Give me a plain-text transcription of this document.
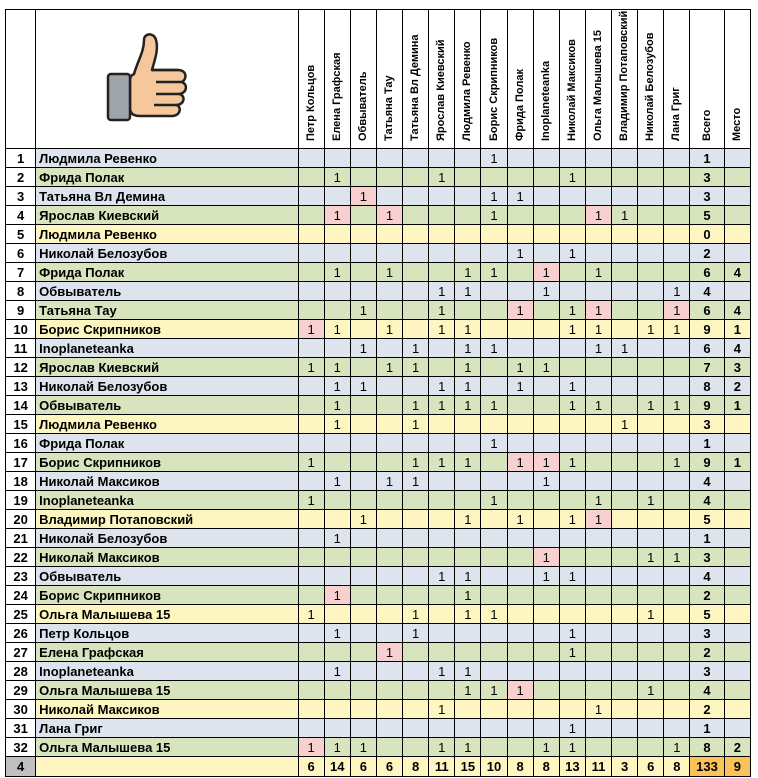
	Петр Кольцов	Елена Графская	Обвыватель	Татьяна Тау	Татьяна Вл Демина	Ярослав Киевский	Людмила Ревенко	Борис Скрипников	Фрида Полак	Inoplaneteanka	Николай Максиков	Ольга Малышева 15	Владимир Потаповский	Николай Белозубов	Лана Григ	Всего	Место
1	Людмила Ревенко								1								1	
2	Фрида Полак		1				1					1					3	
3	Татьяна Вл Демина			1					1	1							3	
4	Ярослав Киевский		1		1				1				1	1			5	
5	Людмила Ревенко																0	
6	Николай Белозубов									1		1					2	
7	Фрида Полак		1		1			1	1		1		1				6	4
8	Обвыватель						1	1			1					1	4	
9	Татьяна Тау			1			1			1		1	1			1	6	4
10	Борис Скрипников	1	1		1		1	1				1	1		1	1	9	1
11	Inoplaneteanka			1		1		1	1				1	1			6	4
12	Ярослав Киевский	1	1		1	1		1		1	1						7	3
13	Николай Белозубов		1	1			1	1		1		1					8	2
14	Обвыватель		1			1	1	1	1			1	1		1	1	9	1
15	Людмила Ревенко		1			1								1			3	
16	Фрида Полак								1								1	
17	Борис Скрипников	1				1	1	1		1	1	1				1	9	1
18	Николай Максиков		1		1	1					1						4	
19	Inoplaneteanka	1							1				1		1		4	
20	Владимир Потаповский			1				1		1		1	1				5	
21	Николай Белозубов		1														1	
22	Николай Максиков										1				1	1	3	
23	Обвыватель						1	1			1	1					4	
24	Борис Скрипников		1					1									2	
25	Ольга Малышева 15	1				1		1	1						1		5	
26	Петр Кольцов		1			1						1					3	
27	Елена Графская				1							1					2	
28	Inoplaneteanka		1				1	1									3	
29	Ольга Малышева 15							1	1	1					1		4	
30	Николай Максиков						1						1				2	
31	Лана Григ											1					1	
32	Ольга Малышева 15	1	1	1			1	1			1	1				1	8	2
4		6	14	6	6	8	11	15	10	8	8	13	11	3	6	8	133	9
